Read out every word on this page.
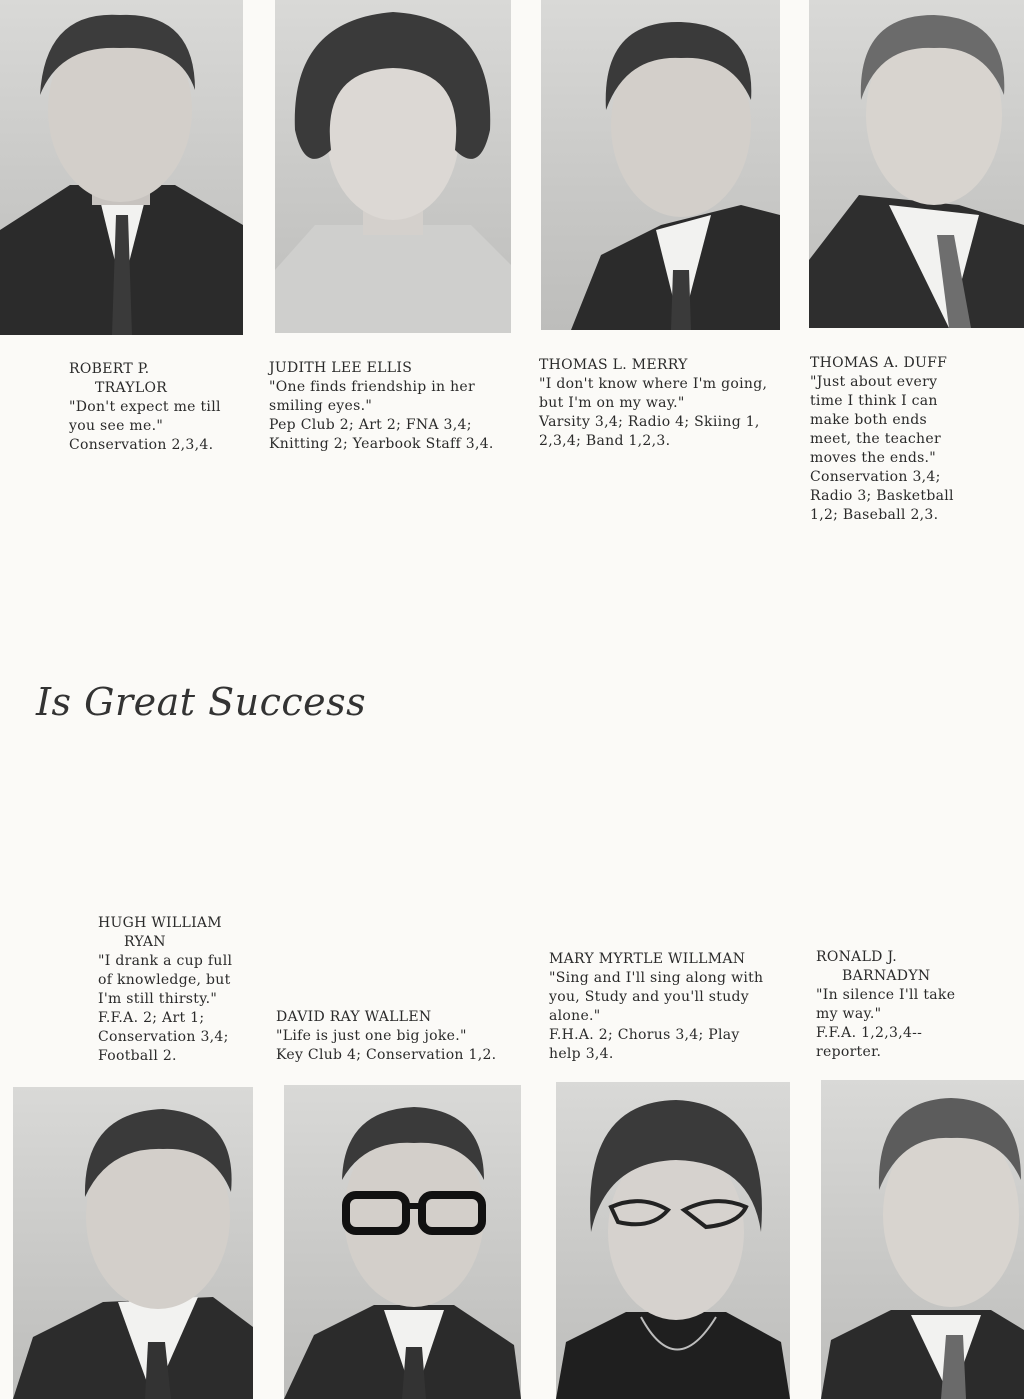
ROBERT P.
TRAYLOR
"Don't expect me till
you see me."
Conservation 2,3,4.
JUDITH LEE ELLIS
"One finds friendship in her
smiling eyes."
Pep Club 2; Art 2; FNA 3,4;
Knitting 2; Yearbook Staff 3,4.
THOMAS L. MERRY
"I don't know where I'm going,
but I'm on my way."
Varsity 3,4; Radio 4; Skiing 1,
2,3,4; Band 1,2,3.
THOMAS A. DUFF
"Just about every
time I think I can
make both ends
meet, the teacher
moves the ends."
Conservation 3,4;
Radio 3; Basketball
1,2; Baseball 2,3.
Is Great Success
HUGH WILLIAM
RYAN
"I drank a cup full
of knowledge, but
I'm still thirsty."
F.F.A. 2; Art 1;
Conservation 3,4;
Football 2.
DAVID RAY WALLEN
"Life is just one big joke."
Key Club 4; Conservation 1,2.
MARY MYRTLE WILLMAN
"Sing and I'll sing along with
you, Study and you'll study
alone."
F.H.A. 2; Chorus 3,4; Play
help 3,4.
RONALD J.
BARNADYN
"In silence I'll take
my way."
F.F.A. 1,2,3,4--
reporter.
